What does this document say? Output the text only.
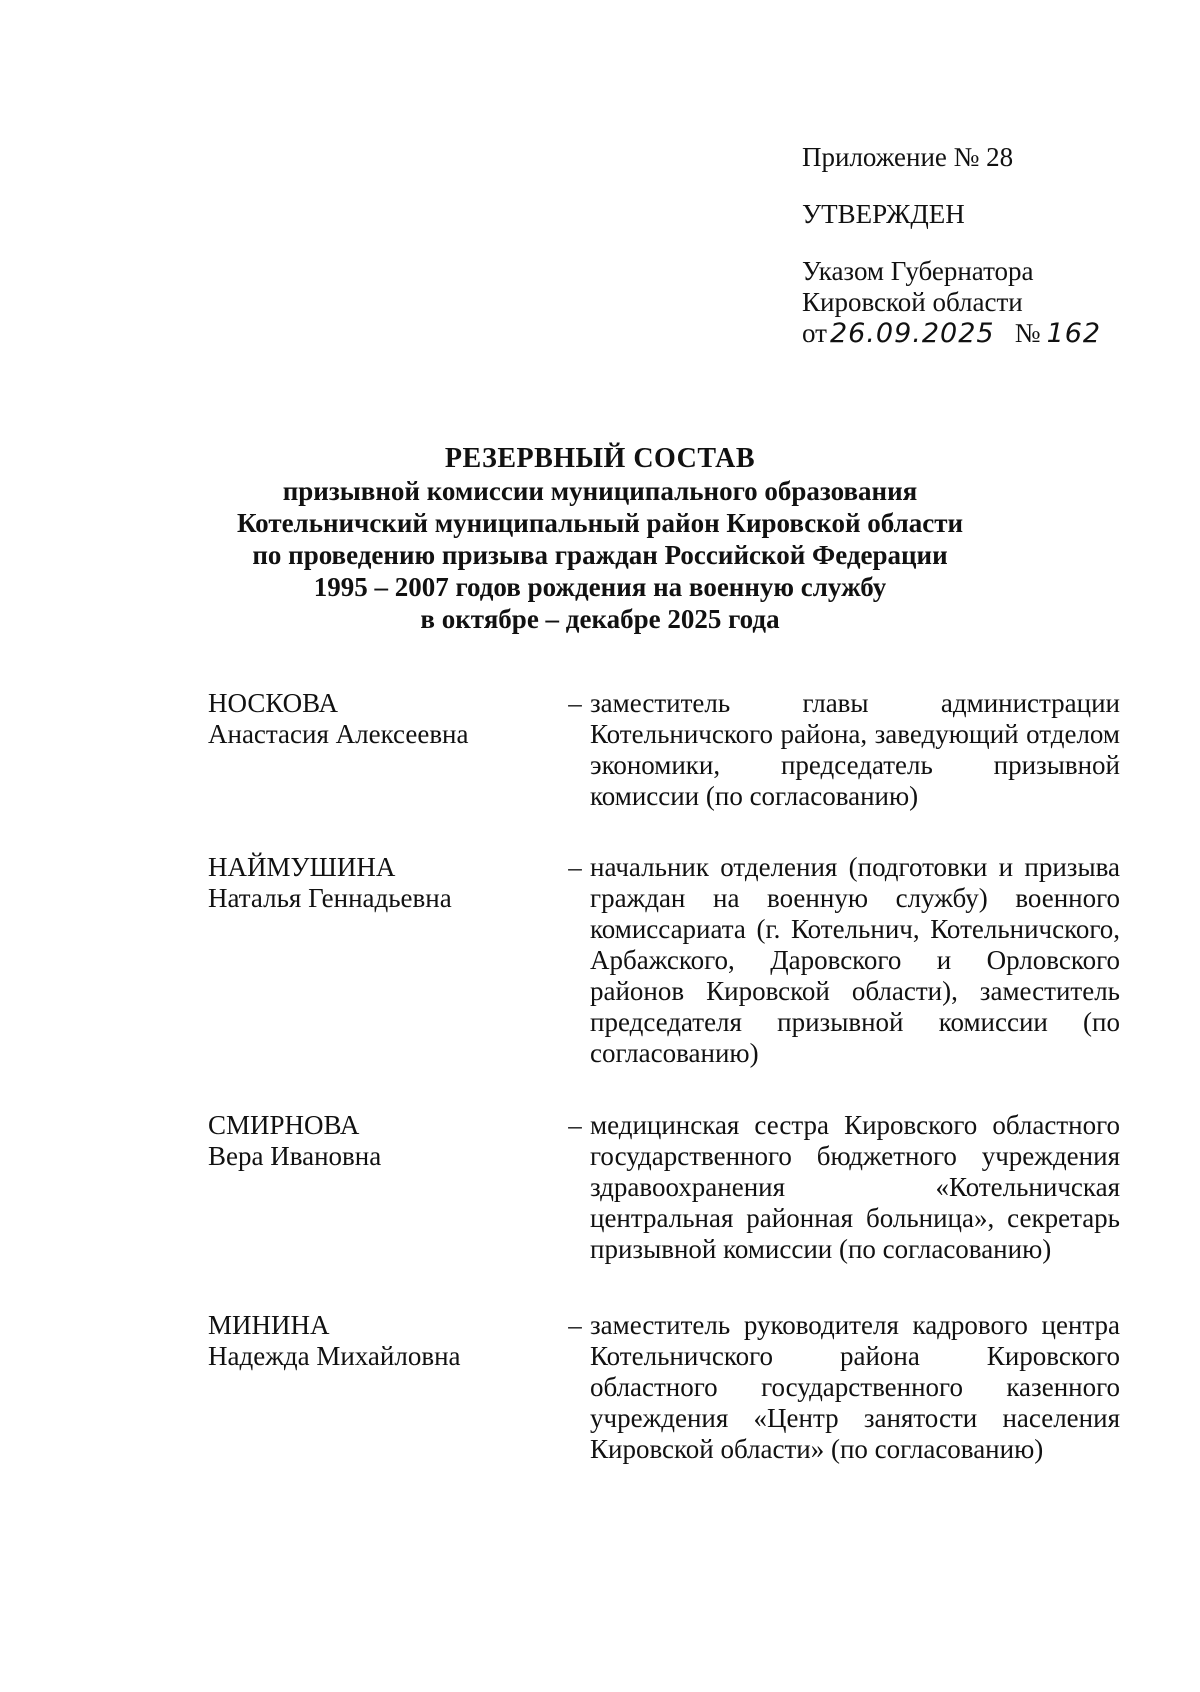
Приложение № 28
УТВЕРЖДЕН
Указом Губернатора
Кировской области
от 26.09.2025 № 162
РЕЗЕРВНЫЙ СОСТАВ
призывной комиссии муниципального образования
Котельничский муниципальный район Кировской области
по проведению призыва граждан Российской Федерации
1995 – 2007 годов рождения на военную службу
в октябре – декабре 2025 года
НОСКОВА
Анастасия Алексеевна
– заместитель главы администрации Котельничского района, заведующий отделом экономики, председатель призывной комиссии (по согласованию)
НАЙМУШИНА
Наталья Геннадьевна
– начальник отделения (подготовки и призыва граждан на военную службу) военного комиссариата (г. Котельнич, Котельничского, Арбажского, Даровского и Орловского районов Кировской области), заместитель председателя призывной комиссии (по согласованию)
СМИРНОВА
Вера Ивановна
– медицинская сестра Кировского областного государственного бюджетного учреждения здравоохранения «Котельничская центральная районная больница», секретарь призывной комиссии (по согласованию)
МИНИНА
Надежда Михайловна
– заместитель руководителя кадрового центра Котельничского района Кировского областного государственного казенного учреждения «Центр занятости населения Кировской области» (по согласованию)
